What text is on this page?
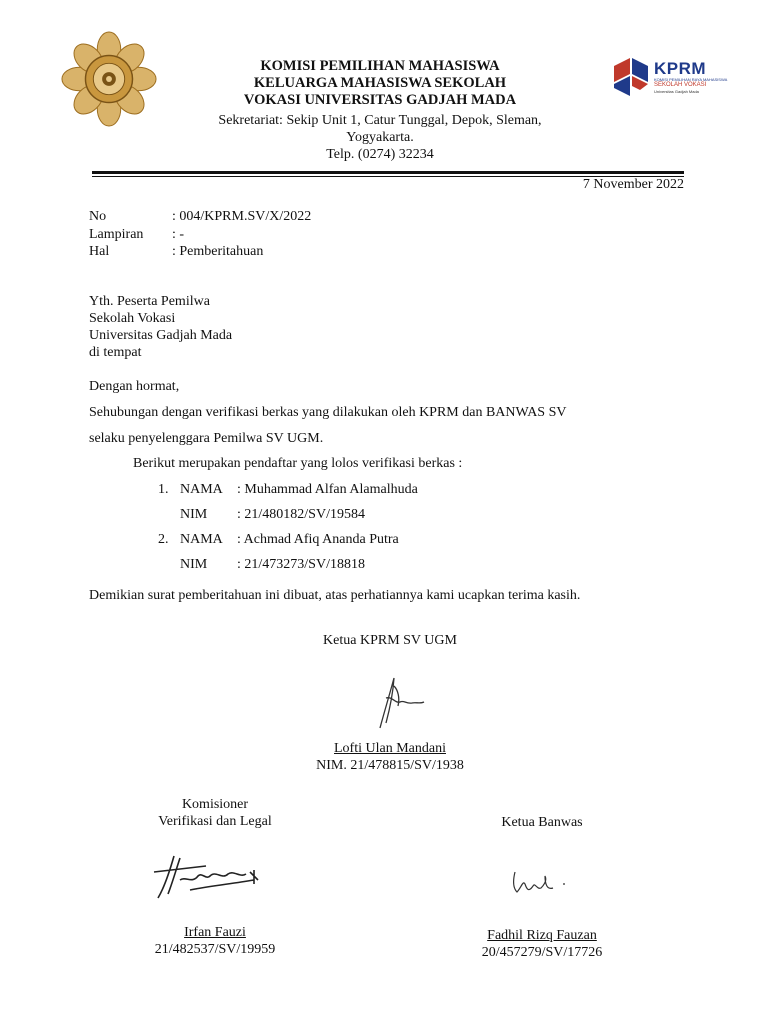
KPRM
KOMISI PEMILIHAN RAYA MAHASISWA
SEKOLAH VOKASI
Universitas Gadjah Mada
KOMISI PEMILIHAN MAHASISWA
KELUARGA MAHASISWA SEKOLAH
VOKASI UNIVERSITAS GADJAH MADA
Sekretariat: Sekip Unit 1, Catur Tunggal, Depok, Sleman,
Yogyakarta.
Telp. (0274) 32234
7 November 2022
No	: 004/KPRM.SV/X/2022
Lampiran : -
Hal	: Pemberitahuan
Yth. Peserta Pemilwa
Sekolah Vokasi
Universitas Gadjah Mada
di tempat
Dengan hormat,
Sehubungan dengan verifikasi berkas yang dilakukan oleh KPRM dan BANWAS SV
selaku penyelenggara Pemilwa SV UGM.
Berikut merupakan pendaftar yang lolos verifikasi berkas :
1. NAMA : Muhammad Alfan Alamalhuda
NIM : 21/480182/SV/19584
2. NAMA : Achmad Afiq Ananda Putra
NIM : 21/473273/SV/18818
Demikian surat pemberitahuan ini dibuat, atas perhatiannya kami ucapkan terima kasih.
Ketua KPRM SV UGM
Lofti Ulan Mandani
NIM. 21/478815/SV/1938
Komisioner
Verifikasi dan Legal
Irfan Fauzi
21/482537/SV/19959
Ketua Banwas
Fadhil Rizq Fauzan
20/457279/SV/17726
